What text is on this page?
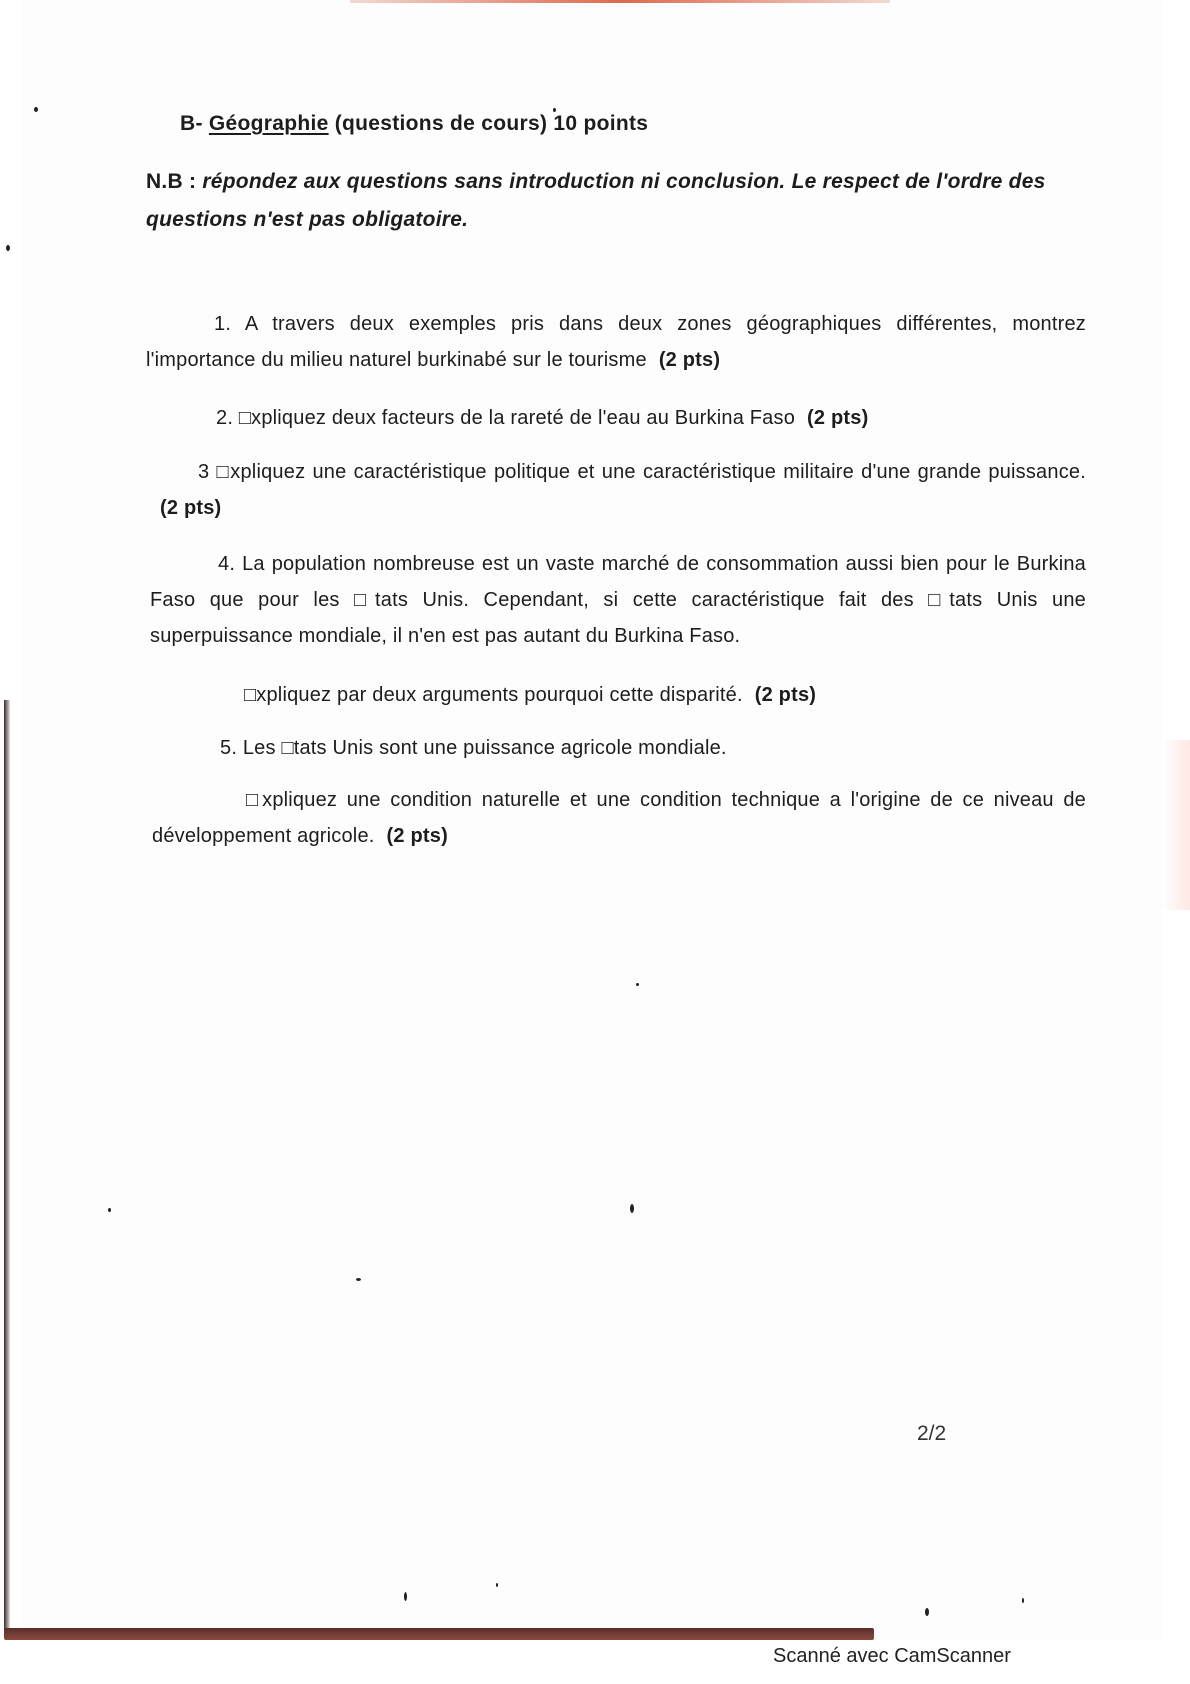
B- Géographie (questions de cours) 10 points
N.B : répondez aux questions sans introduction ni conclusion. Le respect de l'ordre des questions n'est pas obligatoire.
1. A travers deux exemples pris dans deux zones géographiques différentes, montrez l'importance du milieu naturel burkinabé sur le tourisme (2 pts)
2. □xpliquez deux facteurs de la rareté de l'eau au Burkina Faso (2 pts)
3 □xpliquez une caractéristique politique et une caractéristique militaire d'une grande puissance.(2 pts)
4. La population nombreuse est un vaste marché de consommation aussi bien pour le Burkina Faso que pour les □tats Unis. Cependant, si cette caractéristique fait des □tats Unis une superpuissance mondiale, il n'en est pas autant du Burkina Faso.
□xpliquez par deux arguments pourquoi cette disparité. (2 pts)
5. Les □tats Unis sont une puissance agricole mondiale.
□xpliquez une condition naturelle et une condition technique a l'origine de ce niveau de développement agricole. (2 pts)
2/2
Scanné avec CamScanner
